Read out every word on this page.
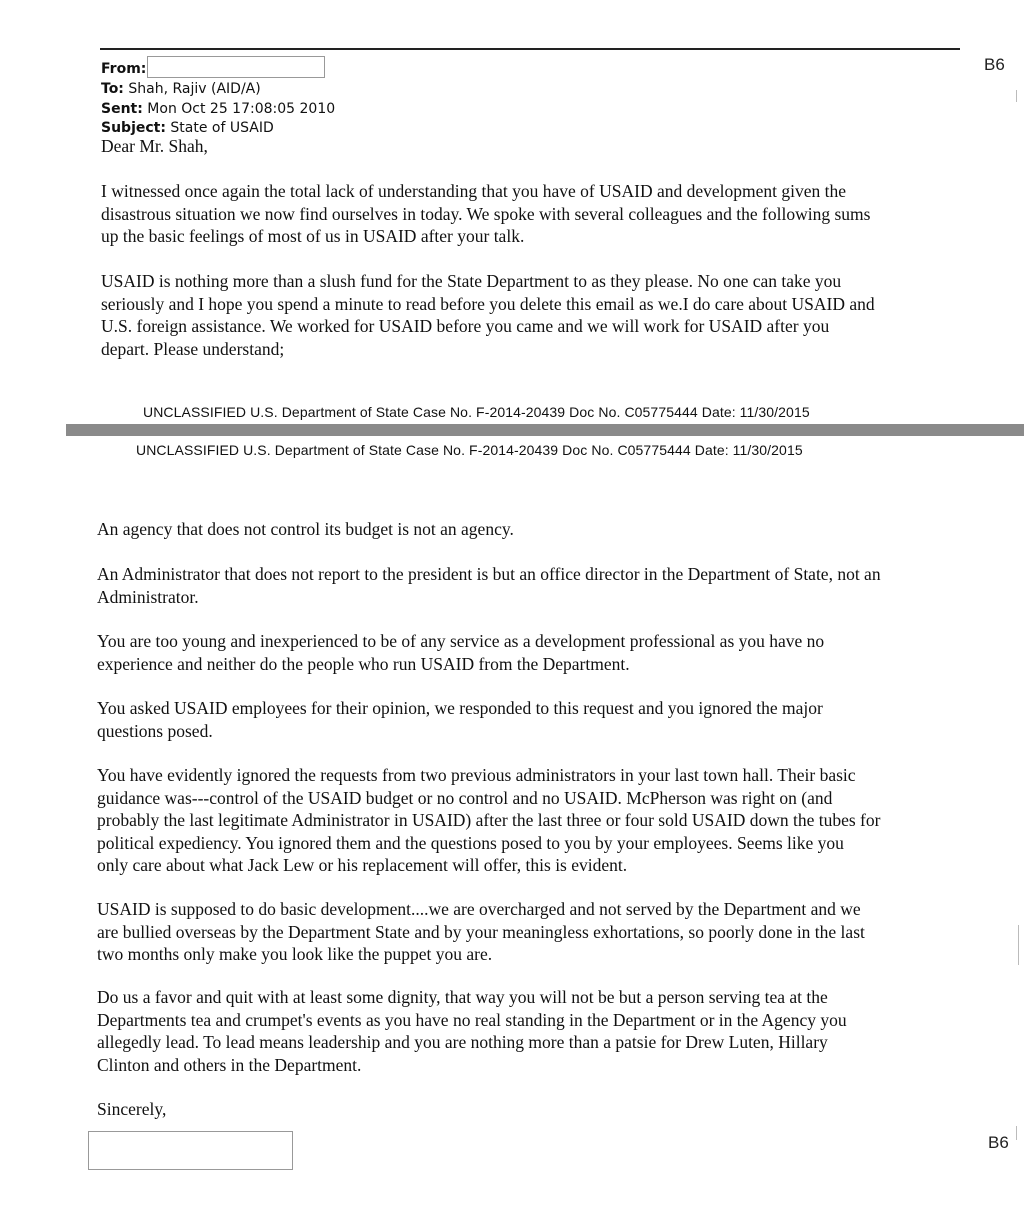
B6
From:
To: Shah, Rajiv (AID/A)
Sent: Mon Oct 25 17:08:05 2010
Subject: State of USAID
Dear Mr. Shah,
I witnessed once again the total lack of understanding that you have of USAID and development given the
disastrous situation we now find ourselves in today. We spoke with several colleagues and the following sums
up the basic feelings of most of us in USAID after your talk.
USAID is nothing more than a slush fund for the State Department to as they please. No one can take you
seriously and I hope you spend a minute to read before you delete this email as we.I do care about USAID and
U.S. foreign assistance. We worked for USAID before you came and we will work for USAID after you
depart. Please understand;
UNCLASSIFIED U.S. Department of State Case No. F-2014-20439 Doc No. C05775444 Date: 11/30/2015
UNCLASSIFIED U.S. Department of State Case No. F-2014-20439 Doc No. C05775444 Date: 11/30/2015
An agency that does not control its budget is not an agency.
An Administrator that does not report to the president is but an office director in the Department of State, not an
Administrator.
You are too young and inexperienced to be of any service as a development professional as you have no
experience and neither do the people who run USAID from the Department.
You asked USAID employees for their opinion, we responded to this request and you ignored the major
questions posed.
You have evidently ignored the requests from two previous administrators in your last town hall. Their basic
guidance was---control of the USAID budget or no control and no USAID. McPherson was right on (and
probably the last legitimate Administrator in USAID) after the last three or four sold USAID down the tubes for
political expediency. You ignored them and the questions posed to you by your employees. Seems like you
only care about what Jack Lew or his replacement will offer, this is evident.
USAID is supposed to do basic development....we are overcharged and not served by the Department and we
are bullied overseas by the Department State and by your meaningless exhortations, so poorly done in the last
two months only make you look like the puppet you are.
Do us a favor and quit with at least some dignity, that way you will not be but a person serving tea at the
Departments tea and crumpet's events as you have no real standing in the Department or in the Agency you
allegedly lead. To lead means leadership and you are nothing more than a patsie for Drew Luten, Hillary
Clinton and others in the Department.
Sincerely,
B6
